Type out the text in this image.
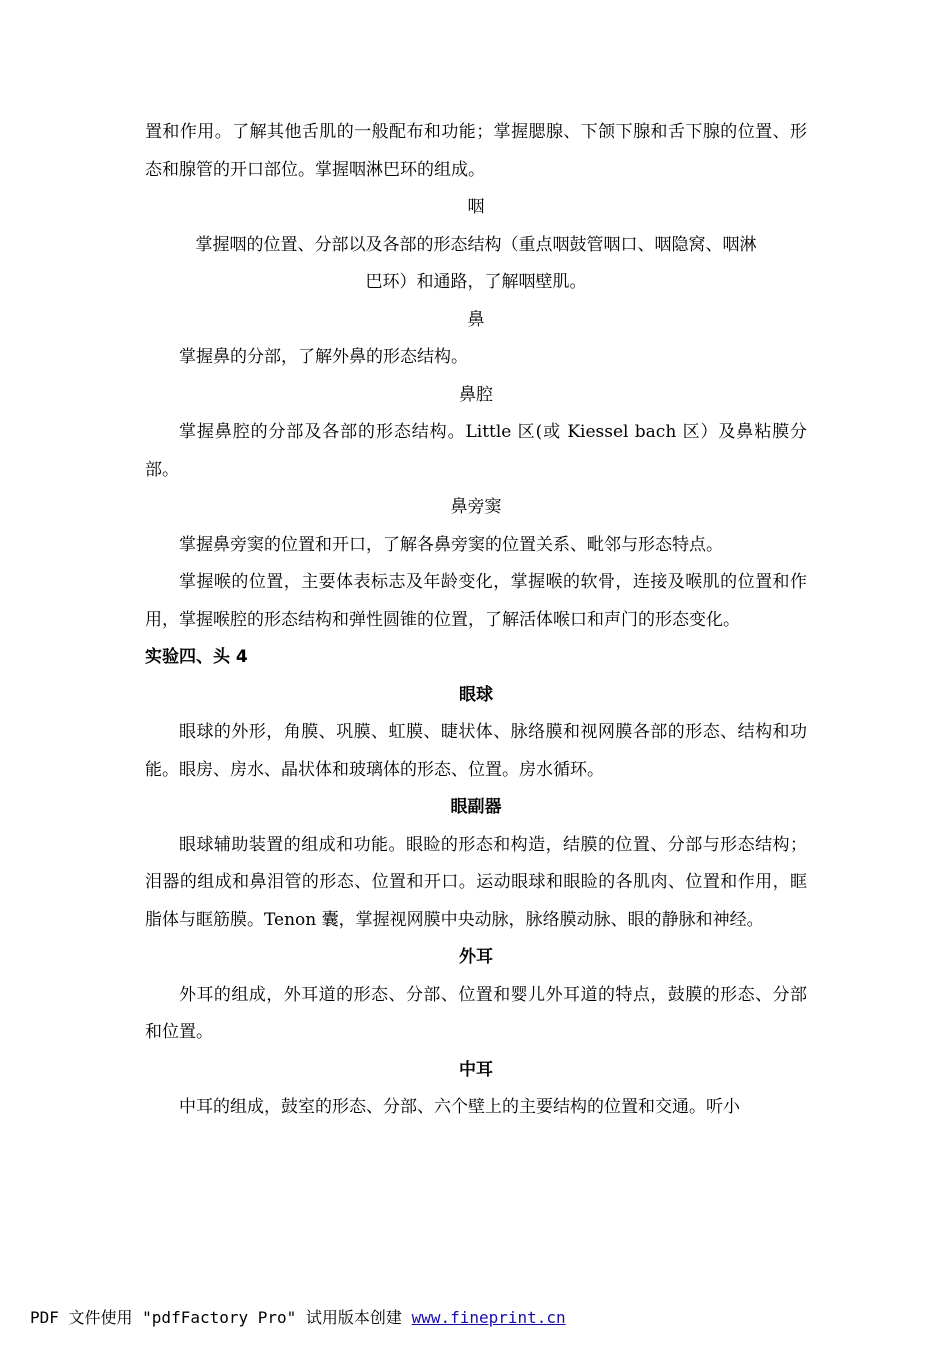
置和作用。了解其他舌肌的一般配布和功能；掌握腮腺、下颌下腺和舌下腺的位置、形态和腺管的开口部位。掌握咽淋巴环的组成。

咽

掌握咽的位置、分部以及各部的形态结构（重点咽鼓管咽口、咽隐窝、咽淋

巴环）和通路，了解咽壁肌。

鼻

掌握鼻的分部，了解外鼻的形态结构。

鼻腔

掌握鼻腔的分部及各部的形态结构。Little 区(或 Kiessel bach 区）及鼻粘膜分部。

鼻旁窦

掌握鼻旁窦的位置和开口，了解各鼻旁窦的位置关系、毗邻与形态特点。

掌握喉的位置，主要体表标志及年龄变化，掌握喉的软骨，连接及喉肌的位置和作用，掌握喉腔的形态结构和弹性圆锥的位置，了解活体喉口和声门的形态变化。

实验四、头 4

眼球

眼球的外形，角膜、巩膜、虹膜、睫状体、脉络膜和视网膜各部的形态、结构和功能。眼房、房水、晶状体和玻璃体的形态、位置。房水循环。

眼副器

眼球辅助装置的组成和功能。眼睑的形态和构造，结膜的位置、分部与形态结构；泪器的组成和鼻泪管的形态、位置和开口。运动眼球和眼睑的各肌肉、位置和作用，眶脂体与眶筋膜。Tenon 囊，掌握视网膜中央动脉，脉络膜动脉、眼的静脉和神经。

外耳

外耳的组成，外耳道的形态、分部、位置和婴儿外耳道的特点，鼓膜的形态、分部和位置。

中耳

中耳的组成，鼓室的形态、分部、六个壁上的主要结构的位置和交通。听小

PDF 文件使用 "pdfFactory Pro" 试用版本创建 www.fineprint.cn
